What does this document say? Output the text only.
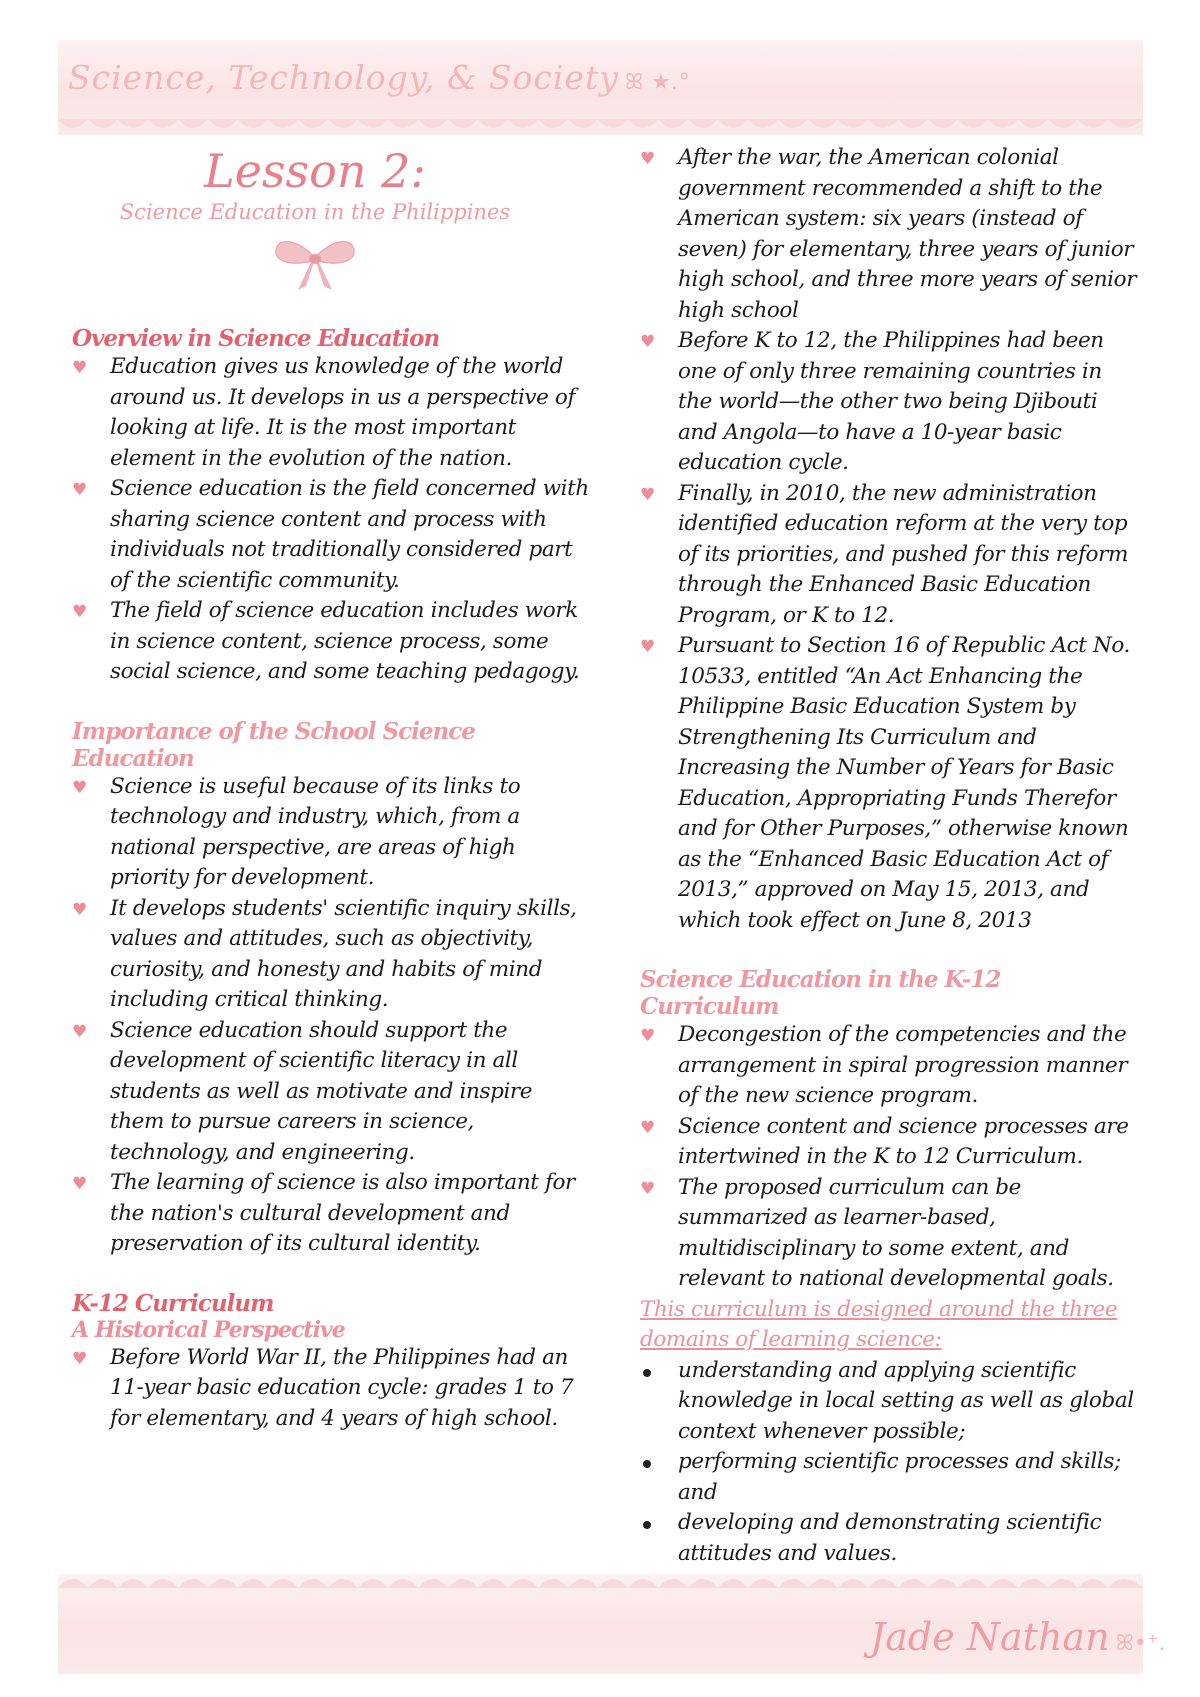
Science, Technology, & Society ꕤ ★.°
Lesson 2:
Science Education in the Philippines
Overview in Science Education
♥ Education gives us knowledge of the world around us. It develops in us a perspective of looking at life. It is the most important element in the evolution of the nation.
♥ Science education is the field concerned with sharing science content and process with individuals not traditionally considered part of the scientific community.
♥ The field of science education includes work in science content, science process, some social science, and some teaching pedagogy.
Importance of the School Science Education
♥ Science is useful because of its links to technology and industry, which, from a national perspective, are areas of high priority for development.
♥ It develops students' scientific inquiry skills, values and attitudes, such as objectivity, curiosity, and honesty and habits of mind including critical thinking.
♥ Science education should support the development of scientific literacy in all students as well as motivate and inspire them to pursue careers in science, technology, and engineering.
♥ The learning of science is also important for the nation's cultural development and preservation of its cultural identity.
K-12 Curriculum
A Historical Perspective
♥ Before World War II, the Philippines had an 11-year basic education cycle: grades 1 to 7 for elementary, and 4 years of high school.
♥ After the war, the American colonial government recommended a shift to the American system: six years (instead of seven) for elementary, three years of junior high school, and three more years of senior high school
♥ Before K to 12, the Philippines had been one of only three remaining countries in the world—the other two being Djibouti and Angola—to have a 10-year basic education cycle.
♥ Finally, in 2010, the new administration identified education reform at the very top of its priorities, and pushed for this reform through the Enhanced Basic Education Program, or K to 12.
♥ Pursuant to Section 16 of Republic Act No. 10533, entitled “An Act Enhancing the Philippine Basic Education System by Strengthening Its Curriculum and Increasing the Number of Years for Basic Education, Appropriating Funds Therefor and for Other Purposes,” otherwise known as the “Enhanced Basic Education Act of 2013,” approved on May 15, 2013, and which took effect on June 8, 2013
Science Education in the K-12 Curriculum
♥ Decongestion of the competencies and the arrangement in spiral progression manner of the new science program.
♥ Science content and science processes are intertwined in the K to 12 Curriculum.
♥ The proposed curriculum can be summarized as learner-based, multidisciplinary to some extent, and relevant to national developmental goals.
This curriculum is designed around the three domains of learning science:
understanding and applying scientific knowledge in local setting as well as global context whenever possible;
performing scientific processes and skills; and
developing and demonstrating scientific attitudes and values.
Jade Nathan ꕤ•⁺.
